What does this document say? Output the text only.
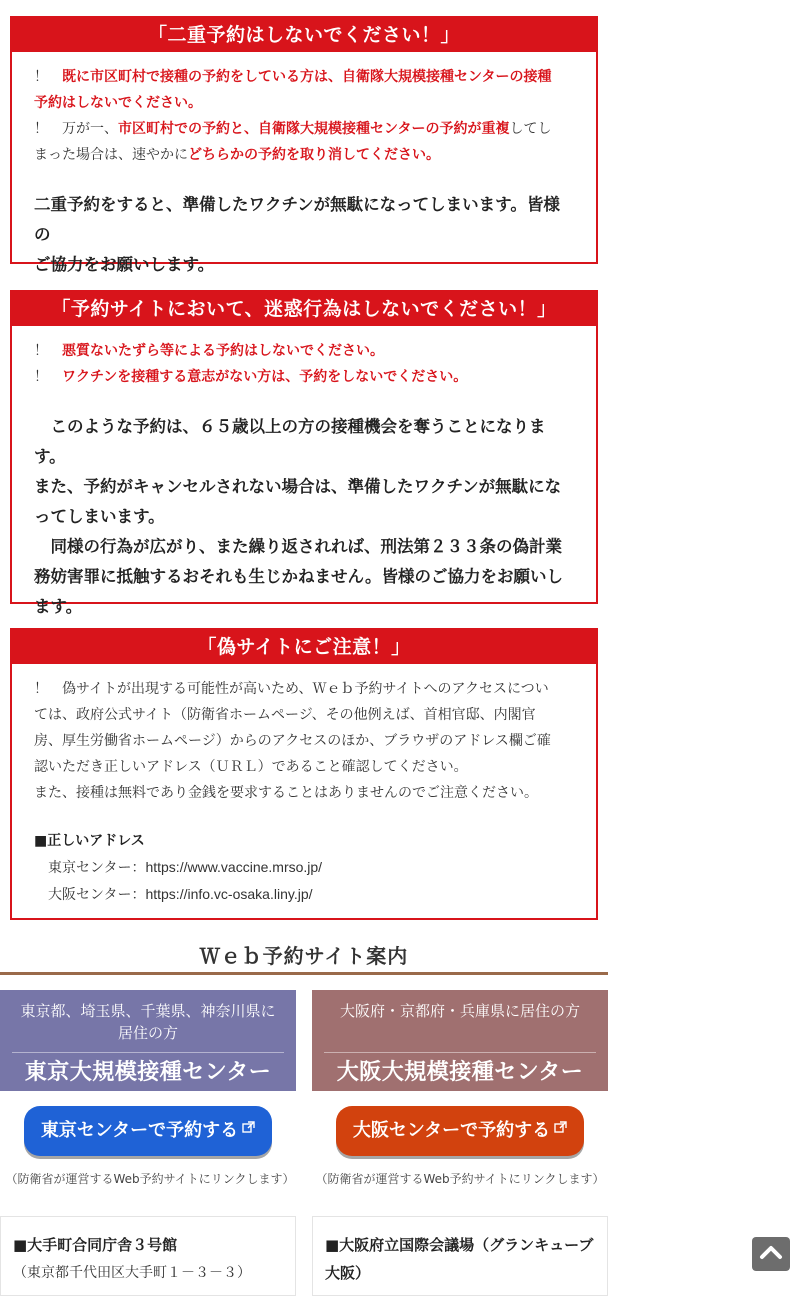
「二重予約はしないでください！」
！ 既に市区町村で接種の予約をしている方は、自衛隊大規模接種センターの接種
予約はしないでください。
！ 万が一、市区町村での予約と、自衛隊大規模接種センターの予約が重複してし
まった場合は、速やかにどちらかの予約を取り消してください。
二重予約をすると、準備したワクチンが無駄になってしまいます。皆様の
ご協力をお願いします。
「予約サイトにおいて、迷惑行為はしないでください！」
！ 悪質ないたずら等による予約はしないでください。
！ ワクチンを接種する意志がない方は、予約をしないでください。
　このような予約は、６５歳以上の方の接種機会を奪うことになります。
また、予約がキャンセルされない場合は、準備したワクチンが無駄にな
ってしまいます。
　同様の行為が広がり、また繰り返されれば、刑法第２３３条の偽計業
務妨害罪に抵触するおそれも生じかねません。皆様のご協力をお願いし
ます。
「偽サイトにご注意！」
！ 偽サイトが出現する可能性が高いため、Ｗｅｂ予約サイトへのアクセスについ
ては、政府公式サイト（防衛省ホームページ、その他例えば、首相官邸、内閣官
房、厚生労働省ホームページ）からのアクセスのほか、ブラウザのアドレス欄ご確
認いただき正しいアドレス（ＵＲＬ）であること確認してください。
また、接種は無料であり金銭を要求することはありませんのでご注意ください。
■正しいアドレス
東京センター：https://www.vaccine.mrso.jp/
大阪センター：https://info.vc-osaka.liny.jp/
Ｗｅｂ予約サイト案内
東京都、埼玉県、千葉県、神奈川県に居住の方
東京大規模接種センター
大阪府・京都府・兵庫県に居住の方
大阪大規模接種センター
東京センターで予約する	大阪センターで予約する
（防衛省が運営するWeb予約サイトにリンクします）	（防衛省が運営するWeb予約サイトにリンクします）
■大手町合同庁舎３号館
（東京都千代田区大手町１－３－３）
■大阪府立国際会議場（グランキューブ大阪）
